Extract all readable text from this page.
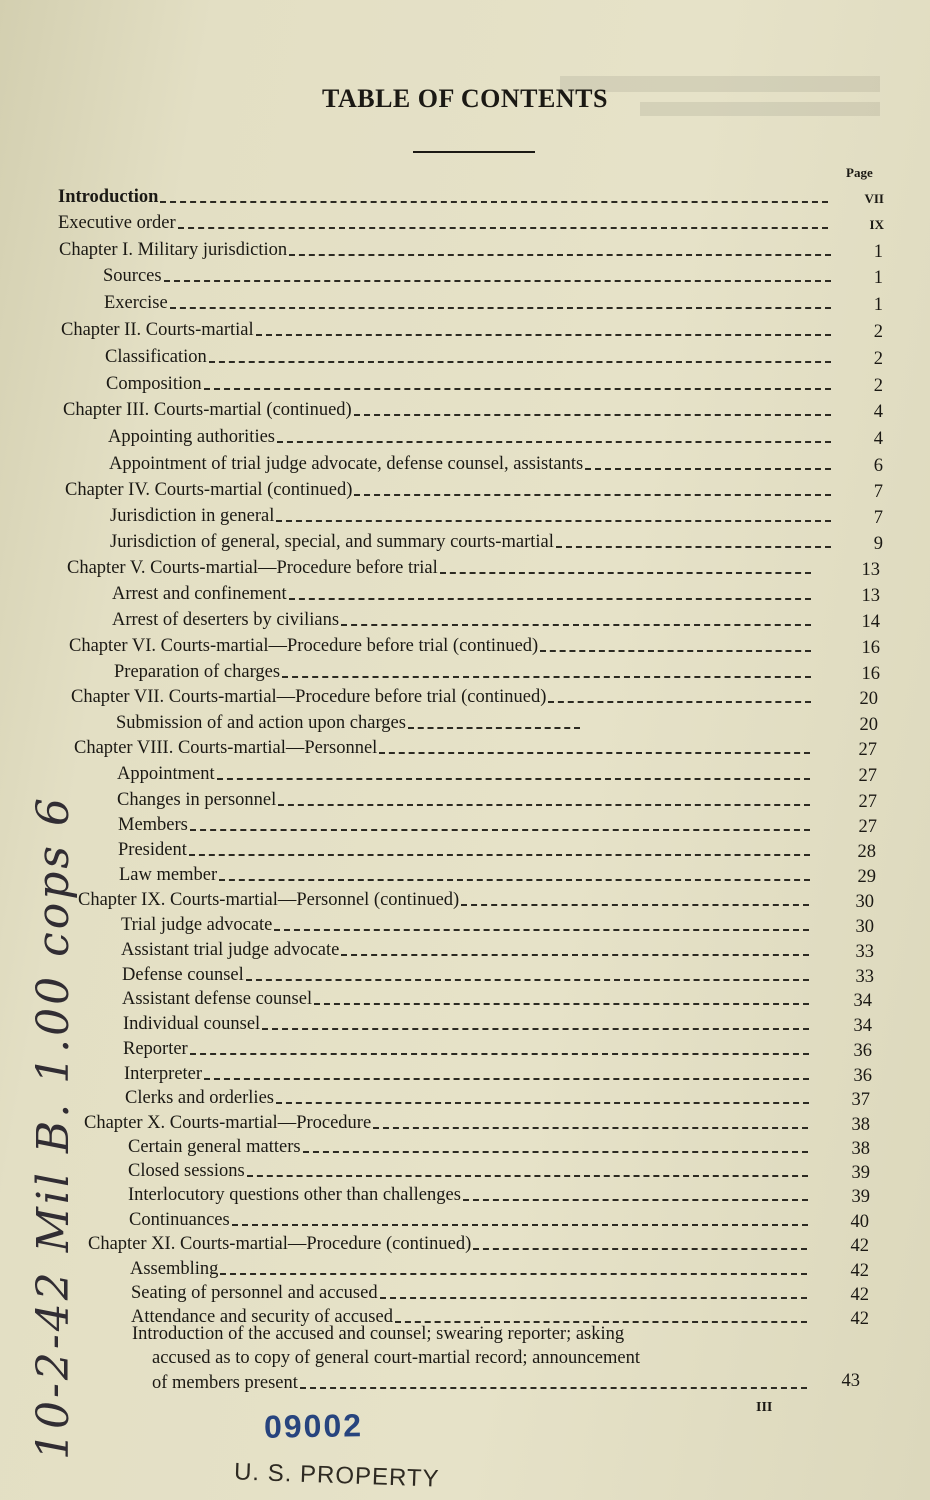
TABLE OF CONTENTS
Page
Introduction	VII
Executive order	IX
Chapter I. Military jurisdiction	1
Sources	1
Exercise	1
Chapter II. Courts-martial	2
Classification	2
Composition	2
Chapter III. Courts-martial (continued)	4
Appointing authorities	4
Appointment of trial judge advocate, defense counsel, assistants	6
Chapter IV. Courts-martial (continued)	7
Jurisdiction in general	7
Jurisdiction of general, special, and summary courts-martial	9
Chapter V. Courts-martial—Procedure before trial	13
Arrest and confinement	13
Arrest of deserters by civilians	14
Chapter VI. Courts-martial—Procedure before trial (continued)	16
Preparation of charges	16
Chapter VII. Courts-martial—Procedure before trial (continued)	20
Submission of and action upon charges	20
Chapter VIII. Courts-martial—Personnel	27
Appointment	27
Changes in personnel	27
Members	27
President	28
Law member	29
Chapter IX. Courts-martial—Personnel (continued)	30
Trial judge advocate	30
Assistant trial judge advocate	33
Defense counsel	33
Assistant defense counsel	34
Individual counsel	34
Reporter	36
Interpreter	36
Clerks and orderlies	37
Chapter X. Courts-martial—Procedure	38
Certain general matters	38
Closed sessions	39
Interlocutory questions other than challenges	39
Continuances	40
Chapter XI. Courts-martial—Procedure (continued)	42
Assembling	42
Seating of personnel and accused	42
Attendance and security of accused	42
Introduction of the accused and counsel; swearing reporter; asking
accused as to copy of general court-martial record; announcement
of members present	43
III

09002

U. S. PROPERTY

10-2-42 Mil B. 1.00 cops 6
